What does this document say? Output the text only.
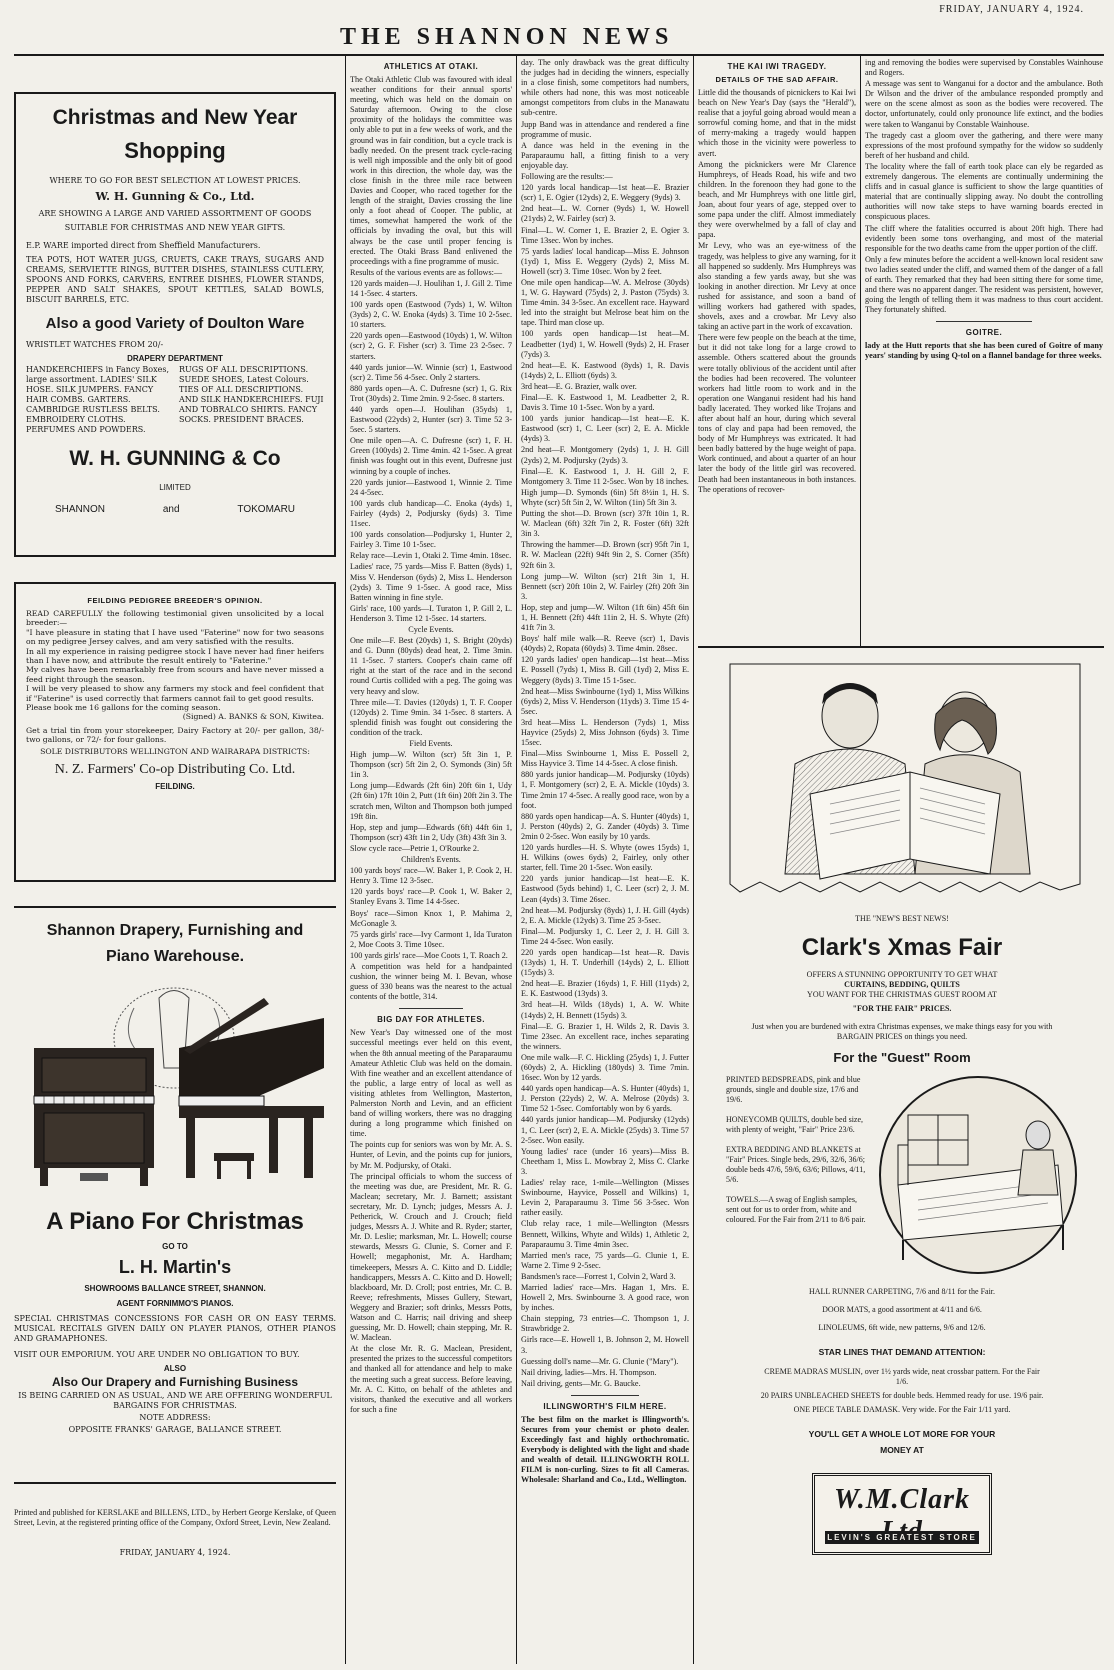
FRIDAY, JANUARY 4, 1924.
THE SHANNON NEWS
Christmas and New Year
Shopping
WHERE TO GO FOR BEST SELECTION AT LOWEST PRICES.
W. H. Gunning & Co., Ltd.
ARE SHOWING A LARGE AND VARIED ASSORTMENT OF GOODS
SUITABLE FOR CHRISTMAS AND NEW YEAR GIFTS.
E.P. WARE imported direct from Sheffield Manufacturers.
TEA POTS, HOT WATER JUGS, CRUETS, CAKE TRAYS, SUGARS AND CREAMS, SERVIETTE RINGS, BUTTER DISHES, STAINLESS CUTLERY, SPOONS AND FORKS, CARVERS, ENTREE DISHES, FLOWER STANDS, PEPPER AND SALT SHAKES, SPOUT KETTLES, SALAD BOWLS, BISCUIT BARRELS, ETC.
Also a good Variety of Doulton Ware
WRISTLET WATCHES FROM 20/-
DRAPERY DEPARTMENT
HANDKERCHIEFS in Fancy Boxes, large assortment. LADIES' SILK HOSE. SILK JUMPERS. FANCY HAIR COMBS. GARTERS. CAMBRIDGE RUSTLESS BELTS. EMBROIDERY CLOTHS. PERFUMES AND POWDERS.
RUGS OF ALL DESCRIPTIONS. SUEDE SHOES, Latest Colours. TIES OF ALL DESCRIPTIONS. AND SILK HANDKERCHIEFS. FUJI AND TOBRALCO SHIRTS. FANCY SOCKS. PRESIDENT BRACES.
W. H. GUNNING & Co
LIMITED
SHANNON	and	TOKOMARU
FEILDING PEDIGREE BREEDER'S OPINION.
READ CAREFULLY the following testimonial given unsolicited by a local breeder:—
"I have pleasure in stating that I have used "Faterine" now for two seasons on my pedigree Jersey calves, and am very satisfied with the results.
In all my experience in raising pedigree stock I have never had finer heifers than I have now, and attribute the result entirely to "Faterine."
My calves have been remarkably free from scours and have never missed a feed right through the season.
I will be very pleased to show any farmers my stock and feel confident that if "Faterine" is used correctly that farmers cannot fail to get good results.
Please book me 16 gallons for the coming season.
(Signed) A. BANKS & SON, Kiwitea.
Get a trial tin from your storekeeper, Dairy Factory at 20/- per gallon, 38/- two gallons, or 72/- for four gallons.
SOLE DISTRIBUTORS WELLINGTON AND WAIRARAPA DISTRICTS:
N. Z. Farmers' Co-op Distributing Co. Ltd.
FEILDING.
Shannon Drapery, Furnishing and
Piano Warehouse.
A Piano For Christmas
GO TO
L. H. Martin's
SHOWROOMS BALLANCE STREET, SHANNON.
AGENT FORNIMMO'S PIANOS.
SPECIAL CHRISTMAS CONCESSIONS FOR CASH OR ON EASY TERMS. MUSICAL RECITALS GIVEN DAILY ON PLAYER PIANOS, OTHER PIANOS AND GRAMAPHONES.
VISIT OUR EMPORIUM. YOU ARE UNDER NO OBLIGATION TO BUY.
ALSO
Also Our Drapery and Furnishing Business
IS BEING CARRIED ON AS USUAL, AND WE ARE OFFERING WONDERFUL BARGAINS FOR CHRISTMAS.
NOTE ADDRESS:
OPPOSITE FRANKS' GARAGE, BALLANCE STREET.
Printed and published for KERSLAKE and BILLENS, LTD., by Herbert George Kerslake, of Queen Street, Levin, at the registered printing office of the Company, Oxford Street, Levin, New Zealand.
FRIDAY, JANUARY 4, 1924.
ATHLETICS AT OTAKI.

The Otaki Athletic Club was favoured with ideal weather conditions for their annual sports' meeting, which was held on the domain on Saturday afternoon. Owing to the close proximity of the holidays the committee was only able to put in a few weeks of work, and the ground was in fair condition, but a cycle track is badly needed. On the present track cycle-racing is well nigh impossible and the only bit of good work in this direction, the whole day, was the close finish in the three mile race between Davies and Cooper, who raced together for the length of the straight, Davies crossing the line only a foot ahead of Cooper. The public, at times, somewhat hampered the work of the officials by invading the oval, but this will always be the case until proper fencing is erected. The Otaki Brass Band enlivened the proceedings with a fine programme of music.

Results of the various events are as follows:—

120 yards maiden—J. Houlihan 1, J. Gill 2. Time 14 1-5sec. 4 starters.

100 yards open (Eastwood (7yds) 1, W. Wilton (3yds) 2, C. W. Enoka (4yds) 3. Time 10 2-5sec. 10 starters.

220 yards open—Eastwood (10yds) 1, W. Wilton (scr) 2, G. F. Fisher (scr) 3. Time 23 2-5sec. 7 starters.

440 yards junior—W. Winnie (scr) 1, Eastwood (scr) 2. Time 56 4-5sec. Only 2 starters.

880 yards open—A. C. Dufresne (scr) 1, G. Rix Trot (30yds) 2. Time 2min. 9 2-5sec. 8 starters.

440 yards open—J. Houlihan (35yds) 1, Eastwood (22yds) 2, Hunter (scr) 3. Time 52 3-5sec. 5 starters.

One mile open—A. C. Dufresne (scr) 1, F. H. Green (100yds) 2. Time 4min. 42 1-5sec. A great finish was fought out in this event, Dufresne just winning by a couple of inches.

220 yards junior—Eastwood 1, Winnie 2. Time 24 4-5sec.

100 yards club handicap—C. Enoka (4yds) 1, Fairley (4yds) 2, Podjursky (6yds) 3. Time 11sec.

100 yards consolation—Podjursky 1, Hunter 2, Fairley 3. Time 10 1-5sec.

Relay race—Levin 1, Otaki 2. Time 4min. 18sec.

Ladies' race, 75 yards—Miss F. Batten (8yds) 1, Miss V. Henderson (6yds) 2, Miss L. Henderson (2yds) 3. Time 9 1-5sec. A good race, Miss Batten winning in fine style.

Girls' race, 100 yards—I. Turaton 1, P. Gill 2, L. Henderson 3. Time 12 1-5sec. 14 starters.

Cycle Events.

One mile—F. Best (20yds) 1, S. Bright (20yds) and G. Dunn (80yds) dead heat, 2. Time 3min. 11 1-5sec. 7 starters. Cooper's chain came off right at the start of the race and in the second round Curtis collided with a peg. The going was very heavy and slow.

Three mile—T. Davies (120yds) 1, T. F. Cooper (120yds) 2. Time 9min. 34 1-5sec. 8 starters. A splendid finish was fought out considering the condition of the track.

Field Events.

High jump—W. Wilton (scr) 5ft 3in 1, P. Thompson (scr) 5ft 2in 2, O. Symonds (3in) 5ft 1in 3.

Long jump—Edwards (2ft 6in) 20ft 6in 1, Udy (2ft 6in) 17ft 10in 2, Putt (1ft 6in) 20ft 2in 3. The scratch men, Wilton and Thompson both jumped 19ft 8in.

Hop, step and jump—Edwards (6ft) 44ft 6in 1, Thompson (scr) 43ft 1in 2, Udy (3ft) 43ft 3in 3.

Slow cycle race—Petrie 1, O'Rourke 2.

Children's Events.

100 yards boys' race—W. Baker 1, P. Cook 2, H. Henry 3. Time 12 3-5sec.

120 yards boys' race—P. Cook 1, W. Baker 2, Stanley Evans 3. Time 14 4-5sec.

Boys' race—Simon Knox 1, P. Mahima 2, McGonagle 3.

75 yards girls' race—Ivy Carmont 1, Ida Turaton 2, Moe Coots 3. Time 10sec.

100 yards girls' race—Moe Coots 1, T. Roach 2.

A competition was held for a handpainted cushion, the winner being M. I. Bevan, whose guess of 330 beans was the nearest to the actual contents of the bottle, 314.

BIG DAY FOR ATHLETES.

New Year's Day witnessed one of the most successful meetings ever held on this event, when the 8th annual meeting of the Paraparaumu Amateur Athletic Club was held on the domain. With fine weather and an excellent attendance of the public, a large entry of local as well as visiting athletes from Wellington, Masterton, Palmerston North and Levin, and an efficient band of willing workers, there was no dragging during a long programme which finished on time.

The points cup for seniors was won by Mr. A. S. Hunter, of Levin, and the points cup for juniors, by Mr. M. Podjursky, of Otaki.

The principal officials to whom the success of the meeting was due, are President, Mr. R. G. Maclean; secretary, Mr. J. Barnett; assistant secretary, Mr. D. Lynch; judges, Messrs A. J. Petherick, W. Crouch and J. Crouch; field judges, Messrs A. J. White and R. Ryder; starter, Mr. D. Leslie; marksman, Mr. L. Howell; course stewards, Messrs G. Clunie, S. Corner and F. Howell; megaphonist, Mr. A. Hardham; timekeepers, Messrs A. C. Kitto and D. Liddle; handicappers, Messrs A. C. Kitto and D. Howell; blackboard, Mr. D. Croll; post entries, Mr. C. B. Reeve; refreshments, Misses Gullery, Stewart, Weggery and Brazier; soft drinks, Messrs Potts, Watson and C. Harris; nail driving and sheep guessing, Mr. D. Howell; chain stepping, Mr. R. W. Maclean.

At the close Mr. R. G. Maclean, President, presented the prizes to the successful competitors and thanked all for attendance and help to make the meeting such a great success. Before leaving, Mr. A. C. Kitto, on behalf of the athletes and visitors, thanked the executive and all workers for such a fine

day. The only drawback was the great difficulty the judges had in deciding the winners, especially in a close finish, some competitors had numbers, while others had none, this was most noticeable amongst competitors from clubs in the Manawatu sub-centre.

Jupp Band was in attendance and rendered a fine programme of music.

A dance was held in the evening in the Paraparaumu hall, a fitting finish to a very enjoyable day.

Following are the results:—

120 yards local handicap—1st heat—E. Brazier (scr) 1, E. Ogier (12yds) 2, E. Weggery (9yds) 3.

2nd heat—L. W. Corner (9yds) 1, W. Howell (21yds) 2, W. Fairley (scr) 3.

Final—L. W. Corner 1, E. Brazier 2, E. Ogier 3. Time 13sec. Won by inches.

75 yards ladies' local handicap—Miss E. Johnson (1yd) 1, Miss E. Weggery (2yds) 2, Miss M. Howell (scr) 3. Time 10sec. Won by 2 feet.

One mile open handicap—W. A. Melrose (30yds) 1, W. G. Hayward (75yds) 2, J. Paston (75yds) 3. Time 4min. 34 3-5sec. An excellent race. Hayward led into the straight but Melrose beat him on the tape. Third man close up.

100 yards open handicap—1st heat—M. Leadbetter (1yd) 1, W. Howell (9yds) 2, H. Fraser (7yds) 3.

2nd heat—E. K. Eastwood (8yds) 1, R. Davis (14yds) 2, L. Elliott (6yds) 3.

3rd heat—E. G. Brazier, walk over.

Final—E. K. Eastwood 1, M. Leadbetter 2, R. Davis 3. Time 10 1-5sec. Won by a yard.

100 yards junior handicap—1st heat—E. K. Eastwood (scr) 1, C. Leer (scr) 2, E. A. Mickle (4yds) 3.

2nd heat—F. Montgomery (2yds) 1, J. H. Gill (2yds) 2, M. Podjursky (2yds) 3.

Final—E. K. Eastwood 1, J. H. Gill 2, F. Montgomery 3. Time 11 2-5sec. Won by 18 inches.

High jump—D. Symonds (6in) 5ft 8½in 1, H. S. Whyte (scr) 5ft 5in 2, W. Wilton (1in) 5ft 3in 3.

Putting the shot—D. Brown (scr) 37ft 10in 1, R. W. Maclean (6ft) 32ft 7in 2, R. Foster (6ft) 32ft 3in 3.

Throwing the hammer—D. Brown (scr) 95ft 7in 1, R. W. Maclean (22ft) 94ft 9in 2, S. Corner (35ft) 92ft 6in 3.

Long jump—W. Wilton (scr) 21ft 3in 1, H. Bennett (scr) 20ft 10in 2, W. Fairley (2ft) 20ft 3in 3.

Hop, step and jump—W. Wilton (1ft 6in) 45ft 6in 1, H. Bennett (2ft) 44ft 11in 2, H. S. Whyte (2ft) 41ft 7in 3.

Boys' half mile walk—R. Reeve (scr) 1, Davis (40yds) 2, Ropata (60yds) 3. Time 4min. 28sec.

120 yards ladies' open handicap—1st heat—Miss E. Possell (7yds) 1, Miss B. Gill (1yd) 2, Miss E. Weggery (8yds) 3. Time 15 1-5sec.

2nd heat—Miss Swinbourne (1yd) 1, Miss Wilkins (6yds) 2, Miss V. Henderson (11yds) 3. Time 15 4-5sec.

3rd heat—Miss L. Henderson (7yds) 1, Miss Hayvice (25yds) 2, Miss Johnson (6yds) 3. Time 15sec.

Final—Miss Swinbourne 1, Miss E. Possell 2, Miss Hayvice 3. Time 14 4-5sec. A close finish.

880 yards junior handicap—M. Podjursky (10yds) 1, F. Montgomery (scr) 2, E. A. Mickle (10yds) 3. Time 2min 17 4-5sec. A really good race, won by a foot.

880 yards open handicap—A. S. Hunter (40yds) 1, J. Perston (40yds) 2, G. Zander (40yds) 3. Time 2min 0 2-5sec. Won easily by 10 yards.

120 yards hurdles—H. S. Whyte (owes 15yds) 1, H. Wilkins (owes 6yds) 2, Fairley, only other starter, fell. Time 20 1-5sec. Won easily.

220 yards junior handicap—1st heat—E. K. Eastwood (5yds behind) 1, C. Leer (scr) 2, J. M. Lean (4yds) 3. Time 26sec.

2nd heat—M. Podjursky (8yds) 1, J. H. Gill (4yds) 2, E. A. Mickle (12yds) 3. Time 25 3-5sec.

Final—M. Podjursky 1, C. Leer 2, J. H. Gill 3. Time 24 4-5sec. Won easily.

220 yards open handicap—1st heat—R. Davis (13yds) 1, H. T. Underhill (14yds) 2, L. Elliott (15yds) 3.

2nd heat—E. Brazier (16yds) 1, F. Hill (11yds) 2, E. K. Eastwood (13yds) 3.

3rd heat—H. Wilds (18yds) 1, A. W. White (14yds) 2, H. Bennett (15yds) 3.

Final—E. G. Brazier 1, H. Wilds 2, R. Davis 3. Time 23sec. An excellent race, inches separating the winners.

One mile walk—F. C. Hickling (25yds) 1, J. Futter (60yds) 2, A. Hickling (180yds) 3. Time 7min. 16sec. Won by 12 yards.

440 yards open handicap—A. S. Hunter (40yds) 1, J. Perston (22yds) 2, W. A. Melrose (20yds) 3. Time 52 1-5sec. Comfortably won by 6 yards.

440 yards junior handicap—M. Podjursky (12yds) 1, C. Leer (scr) 2, E. A. Mickle (25yds) 3. Time 57 2-5sec. Won easily.

Young ladies' race (under 16 years)—Miss B. Cheetham 1, Miss L. Mowbray 2, Miss C. Clarke 3.

Ladies' relay race, 1-mile—Wellington (Misses Swinbourne, Hayvice, Possell and Wilkins) 1, Levin 2, Paraparaumu 3. Time 56 3-5sec. Won rather easily.

Club relay race, 1 mile—Wellington (Messrs Bennett, Wilkins, Whyte and Wilds) 1, Athletic 2, Paraparaumu 3. Time 4min 3sec.

Married men's race, 75 yards—G. Clunie 1, E. Warne 2. Time 9 2-5sec.

Bandsmen's race—Forrest 1, Colvin 2, Ward 3.

Married ladies' race—Mrs. Hagan 1, Mrs. E. Howell 2, Mrs. Swinbourne 3. A good race, won by inches.

Chain stepping, 73 entries—C. Thompson 1, J. Strawbridge 2.

Girls race—E. Howell 1, B. Johnson 2, M. Howell 3.

Guessing doll's name—Mr. G. Clunie ("Mary").

Nail driving, ladies—Mrs. H. Thompson.

Nail driving, gents—Mr. G. Baucke.

ILLINGWORTH'S FILM HERE.

The best film on the market is Illingworth's. Secures from your chemist or photo dealer. Exceedingly fast and highly orthochromatic. Everybody is delighted with the light and shade and wealth of detail. ILLINGWORTH ROLL FILM is non-curling. Sizes to fit all Cameras. Wholesale: Sharland and Co., Ltd., Wellington.

THE KAI IWI TRAGEDY.
DETAILS OF THE SAD AFFAIR.

Little did the thousands of picnickers to Kai Iwi beach on New Year's Day (says the "Herald"), realise that a joyful going abroad would mean a sorrowful coming home, and that in the midst of merry-making a tragedy would happen which those in the vicinity were powerless to avert.

Among the picknickers were Mr Clarence Humphreys, of Heads Road, his wife and two children. In the forenoon they had gone to the beach, and Mr Humphreys with one little girl, Joan, about four years of age, stepped over to some papa under the cliff. Almost immediately they were overwhelmed by a fall of clay and papa.

Mr Levy, who was an eye-witness of the tragedy, was helpless to give any warning, for it all happened so suddenly. Mrs Humphreys was also standing a few yards away, but she was looking in another direction. Mr Levy at once rushed for assistance, and soon a band of willing workers had gathered with spades, shovels, axes and a crowbar. Mr Levy also taking an active part in the work of excavation.

There were few people on the beach at the time, but it did not take long for a large crowd to assemble. Others scattered about the grounds were totally oblivious of the accident until after the bodies had been recovered. The volunteer workers had little room to work and in the operation one Wanganui resident had his hand badly lacerated. They worked like Trojans and after about half an hour, during which several tons of clay and papa had been removed, the body of Mr Humphreys was extricated. It had been badly battered by the huge weight of papa. Work continued, and about a quarter of an hour later the body of the little girl was recovered. Death had been instantaneous in both instances. The operations of recover-

ing and removing the bodies were supervised by Constables Wainhouse and Rogers.

A message was sent to Wanganui for a doctor and the ambulance. Both Dr Wilson and the driver of the ambulance responded promptly and were on the scene almost as soon as the bodies were recovered. The doctor, unfortunately, could only pronounce life extinct, and the bodies were taken to Wanganui by Constable Wainhouse.

The tragedy cast a gloom over the gathering, and there were many expressions of the most profound sympathy for the widow so suddenly bereft of her husband and child.

The locality where the fall of earth took place can ely be regarded as extremely dangerous. The elements are continually undermining the cliffs and in casual glance is sufficient to show the large quantities of material that are continually slipping away. No doubt the controlling authorities will now take steps to have warning boards erected in conspicuous places.

The cliff where the fatalities occurred is about 20ft high. There had evidently been some tons overhanging, and most of the material responsible for the two deaths came from the upper portion of the cliff.

Only a few minutes before the accident a well-known local resident saw two ladies seated under the cliff, and warned them of the danger of a fall of earth. They remarked that they had been sitting there for some time, and there was no apparent danger. The resident was persistent, however, going the length of telling them it was madness to thus court accident. They fortunately shifted.

GOITRE.

lady at the Hutt reports that she has been cured of Goitre of many years' standing by using Q-tol on a flannel bandage for three weeks.

THE "NEW'S BEST NEWS!
Clark's Xmas Fair
OFFERS A STUNNING OPPORTUNITY TO GET WHAT
CURTAINS, BEDDING, QUILTS
YOU WANT FOR THE CHRISTMAS GUEST ROOM AT
"FOR THE FAIR" PRICES.
Just when you are burdened with extra Christmas expenses, we make things easy for you with BARGAIN PRICES on things you need.
For the "Guest" Room
PRINTED BEDSPREADS, pink and blue grounds, single and double size, 17/6 and 19/6.
HONEYCOMB QUILTS, double bed size, with plenty of weight, "Fair" Price 23/6.
EXTRA BEDDING AND BLANKETS at "Fair" Prices. Single beds, 29/6, 32/6, 36/6; double beds 47/6, 59/6, 63/6; Pillows, 4/11, 5/6.
TOWELS.—A swag of English samples, sent out for us to order from, white and coloured. For the Fair from 2/11 to 8/6 pair.
HALL RUNNER CARPETING, 7/6 and 8/11 for the Fair.
DOOR MATS, a good assortment at 4/11 and 6/6.
LINOLEUMS, 6ft wide, new patterns, 9/6 and 12/6.
STAR LINES THAT DEMAND ATTENTION:
CREME MADRAS MUSLIN, over 1½ yards wide, neat crossbar pattern. For the Fair 1/6.
20 PAIRS UNBLEACHED SHEETS for double beds. Hemmed ready for use. 19/6 pair.
ONE PIECE TABLE DAMASK. Very wide. For the Fair 1/11 yard.
YOU'LL GET A WHOLE LOT MORE FOR YOUR
MONEY AT
W.M.Clark
LEVIN'S GREATEST STORE
